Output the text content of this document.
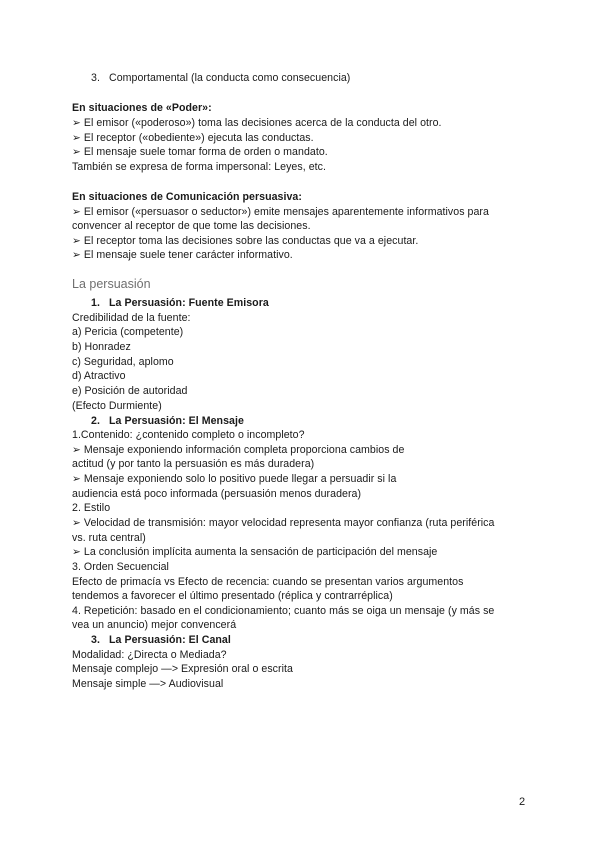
3. Comportamental (la conducta como consecuencia)
En situaciones de «Poder»:
➢ El emisor («poderoso») toma las decisiones acerca de la conducta del otro.
➢ El receptor («obediente») ejecuta las conductas.
➢ El mensaje suele tomar forma de orden o mandato.
También se expresa de forma impersonal: Leyes, etc.
En situaciones de Comunicación persuasiva:
➢ El emisor («persuasor o seductor») emite mensajes aparentemente informativos para
convencer al receptor de que tome las decisiones.
➢ El receptor toma las decisiones sobre las conductas que va a ejecutar.
➢ El mensaje suele tener carácter informativo.
La persuasión
1. La Persuasión: Fuente Emisora
Credibilidad de la fuente:
a) Pericia (competente)
b) Honradez
c) Seguridad, aplomo
d) Atractivo
e) Posición de autoridad
(Efecto Durmiente)
2. La Persuasión: El Mensaje
1.Contenido: ¿contenido completo o incompleto?
➢ Mensaje exponiendo información completa proporciona cambios de
actitud (y por tanto la persuasión es más duradera)
➢ Mensaje exponiendo solo lo positivo puede llegar a persuadir si la
audiencia está poco informada (persuasión menos duradera)
2. Estilo
➢ Velocidad de transmisión: mayor velocidad representa mayor confianza (ruta periférica
vs. ruta central)
➢ La conclusión implícita aumenta la sensación de participación del mensaje
3. Orden Secuencial
Efecto de primacía vs Efecto de recencia: cuando se presentan varios argumentos
tendemos a favorecer el último presentado (réplica y contrarréplica)
4. Repetición: basado en el condicionamiento; cuanto más se oiga un mensaje (y más se
vea un anuncio) mejor convencerá
3. La Persuasión: El Canal
Modalidad: ¿Directa o Mediada?
Mensaje complejo —> Expresión oral o escrita
Mensaje simple —> Audiovisual
2
